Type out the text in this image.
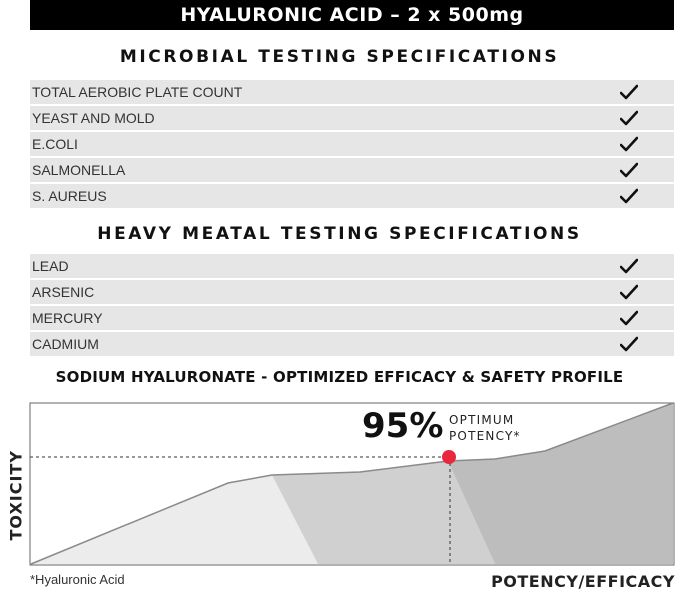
HYALURONIC ACID – 2 x 500mg
MICROBIAL TESTING SPECIFICATIONS
TOTAL AEROBIC PLATE COUNT
YEAST AND MOLD
E.COLI
SALMONELLA
S. AUREUS
HEAVY MEATAL TESTING SPECIFICATIONS
LEAD
ARSENIC
MERCURY
CADMIUM
SODIUM HYALURONATE - OPTIMIZED EFFICACY & SAFETY PROFILE
95% OPTIMUM
POTENCY*
TOXICITY
*Hyaluronic Acid	POTENCY/EFFICACY
